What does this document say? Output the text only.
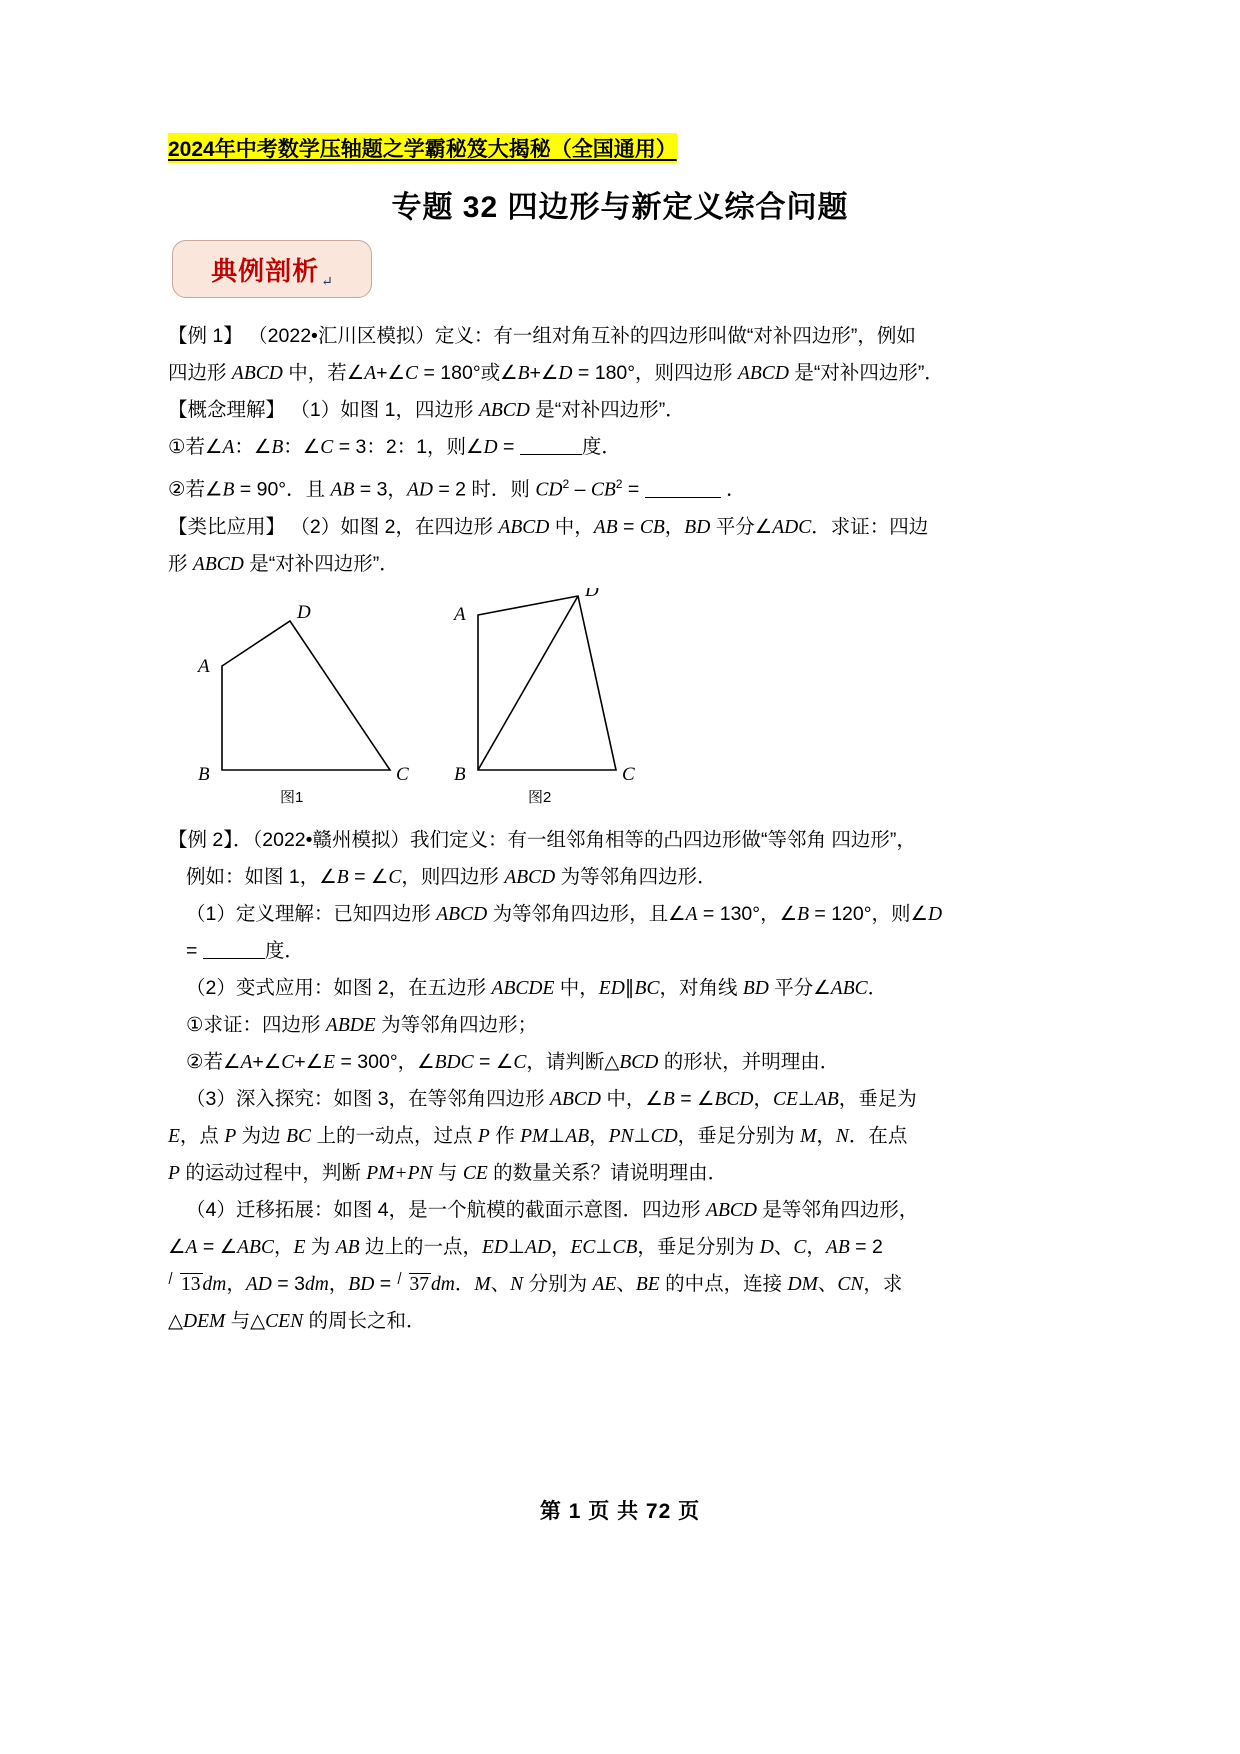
2024年中考数学压轴题之学霸秘笈大揭秘（全国通用）
专题 32 四边形与新定义综合问题
典例剖析 ↵
【例 1】 （2022•汇川区模拟）定义：有一组对角互补的四边形叫做“对补四边形”，例如
四边形 ABCD 中，若∠A+∠C = 180°或∠B+∠D = 180°，则四边形 ABCD 是“对补四边形”．
【概念理解】 （1）如图 1，四边形 ABCD 是“对补四边形”．
①若∠A：∠B：∠C = 3：2：1，则∠D =	度．
②若∠B = 90°．且 AB = 3，AD = 2 时．则 $CD^2 - CB^2$ =	．
【类比应用】 （2）如图 2，在四边形 ABCD 中，AB = CB，BD 平分∠ADC．求证：四边
形 ABCD 是“对补四边形”．
A
B	C
D	A
B	C
D
图1	图2
【例 2】．（2022•赣州模拟）我们定义：有一组邻角相等的凸四边形做“等邻角 四边形”，
例如：如图 1，∠B = ∠C，则四边形 ABCD 为等邻角四边形．
（1）定义理解：已知四边形 ABCD 为等邻角四边形，且∠A = 130°，∠B = 120°，则∠D
=	度．
（2）变式应用：如图 2，在五边形 ABCDE 中，ED∥BC，对角线 BD 平分∠ABC．
①求证：四边形 ABDE 为等邻角四边形；
②若∠A+∠C+∠E = 300°，∠BDC = ∠C，请判断△BCD 的形状，并明理由．
（3）深入探究：如图 3，在等邻角四边形 ABCD 中，∠B = ∠BCD，CE⊥AB，垂足为
E，点 P 为边 BC 上的一动点，过点 P 作 PM⊥AB，PN⊥CD，垂足分别为 M，N．在点
P 的运动过程中，判断 PM+PN 与 CE 的数量关系？请说明理由．
（4）迁移拓展：如图 4，是一个航模的截面示意图．四边形 ABCD 是等邻角四边形，
∠A = ∠ABC，E 为 AB 边上的一点，ED⊥AD，EC⊥CB，垂足分别为 D、C，AB = 2
13 dm，AD = 3dm，BD = 37 dm．M、N 分别为 AE、BE 的中点，连接 DM、CN，求
△DEM 与△CEN 的周长之和．
第 1 页 共 72 页
